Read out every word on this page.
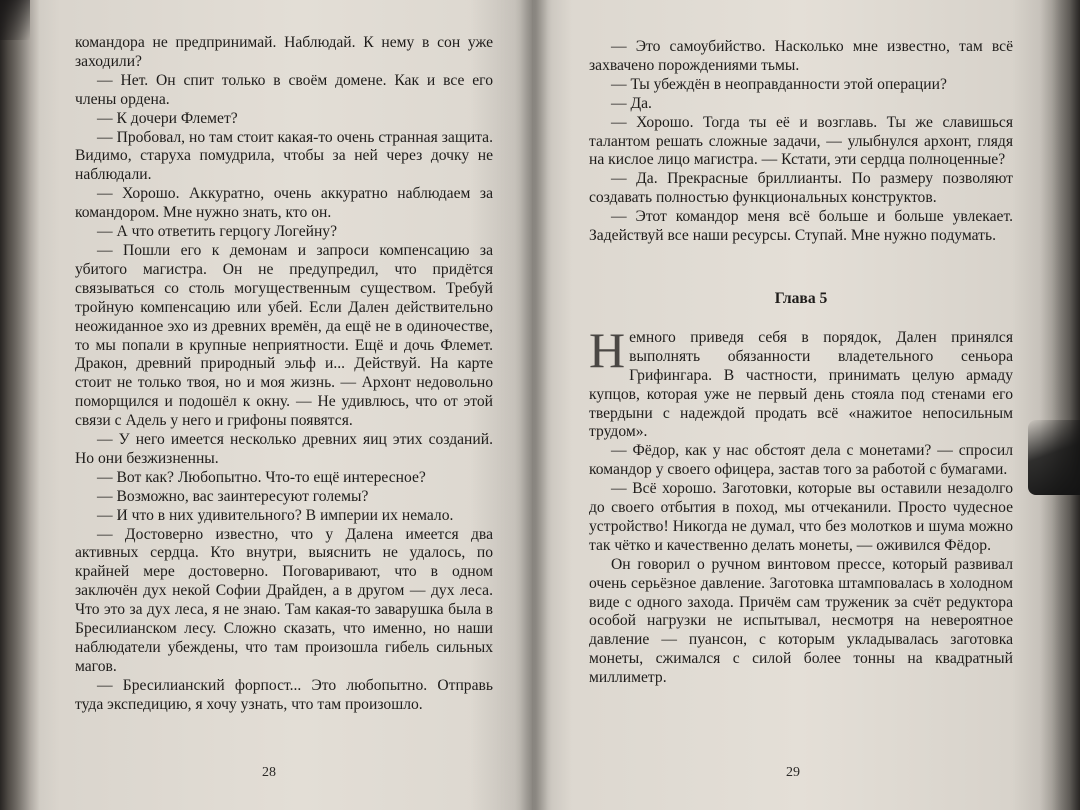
командора не предпринимай. Наблюдай. К нему в сон уже заходили?

— Нет. Он спит только в своём домене. Как и все его члены ордена.

— К дочери Флемет?

— Пробовал, но там стоит какая-то очень странная защита. Видимо, старуха помудрила, чтобы за ней через дочку не наблюдали.

— Хорошо. Аккуратно, очень аккуратно наблюдаем за командором. Мне нужно знать, кто он.

— А что ответить герцогу Логейну?

— Пошли его к демонам и запроси компенсацию за убитого магистра. Он не предупредил, что придётся связываться со столь могущественным существом. Требуй тройную компенсацию или убей. Если Дален действительно неожиданное эхо из древних времён, да ещё не в одиночестве, то мы попали в крупные неприятности. Ещё и дочь Флемет. Дракон, древний природный эльф и... Действуй. На карте стоит не только твоя, но и моя жизнь. — Архонт недовольно поморщился и подошёл к окну. — Не удивлюсь, что от этой связи с Адель у него и грифоны появятся.

— У него имеется несколько древних яиц этих созданий. Но они безжизненны.

— Вот как? Любопытно. Что-то ещё интересное?

— Возможно, вас заинтересуют големы?

— И что в них удивительного? В империи их немало.

— Достоверно известно, что у Далена имеется два активных сердца. Кто внутри, выяснить не удалось, по крайней мере достоверно. Поговаривают, что в одном заключён дух некой Софии Драйден, а в другом — дух леса. Что это за дух леса, я не знаю. Там какая-то заварушка была в Бресилианском лесу. Сложно сказать, что именно, но наши наблюдатели убеждены, что там произошла гибель сильных магов.

— Бресилианский форпост... Это любопытно. Отправь туда экспедицию, я хочу узнать, что там произошло.

28

— Это самоубийство. Насколько мне известно, там всё захвачено порождениями тьмы.

— Ты убеждён в неоправданности этой операции?

— Да.

— Хорошо. Тогда ты её и возглавь. Ты же славишься талантом решать сложные задачи, — улыбнулся архонт, глядя на кислое лицо магистра. — Кстати, эти сердца полноценные?

— Да. Прекрасные бриллианты. По размеру позволяют создавать полностью функциональных конструктов.

— Этот командор меня всё больше и больше увлекает. Задействуй все наши ресурсы. Ступай. Мне нужно подумать.

Глава 5

Немного приведя себя в порядок, Дален принялся выполнять обязанности владетельного сеньора Грифингара. В частности, принимать целую армаду купцов, которая уже не первый день стояла под стенами его твердыни с надеждой продать всё «нажитое непосильным трудом».

— Фёдор, как у нас обстоят дела с монетами? — спросил командор у своего офицера, застав того за работой с бумагами.

— Всё хорошо. Заготовки, которые вы оставили незадолго до своего отбытия в поход, мы отчеканили. Просто чудесное устройство! Никогда не думал, что без молотков и шума можно так чётко и качественно делать монеты, — оживился Фёдор.

Он говорил о ручном винтовом прессе, который развивал очень серьёзное давление. Заготовка штамповалась в холодном виде с одного захода. Причём сам труженик за счёт редуктора особой нагрузки не испытывал, несмотря на невероятное давление — пуансон, с которым укладывалась заготовка монеты, сжимался с силой более тонны на квадратный миллиметр.

29
